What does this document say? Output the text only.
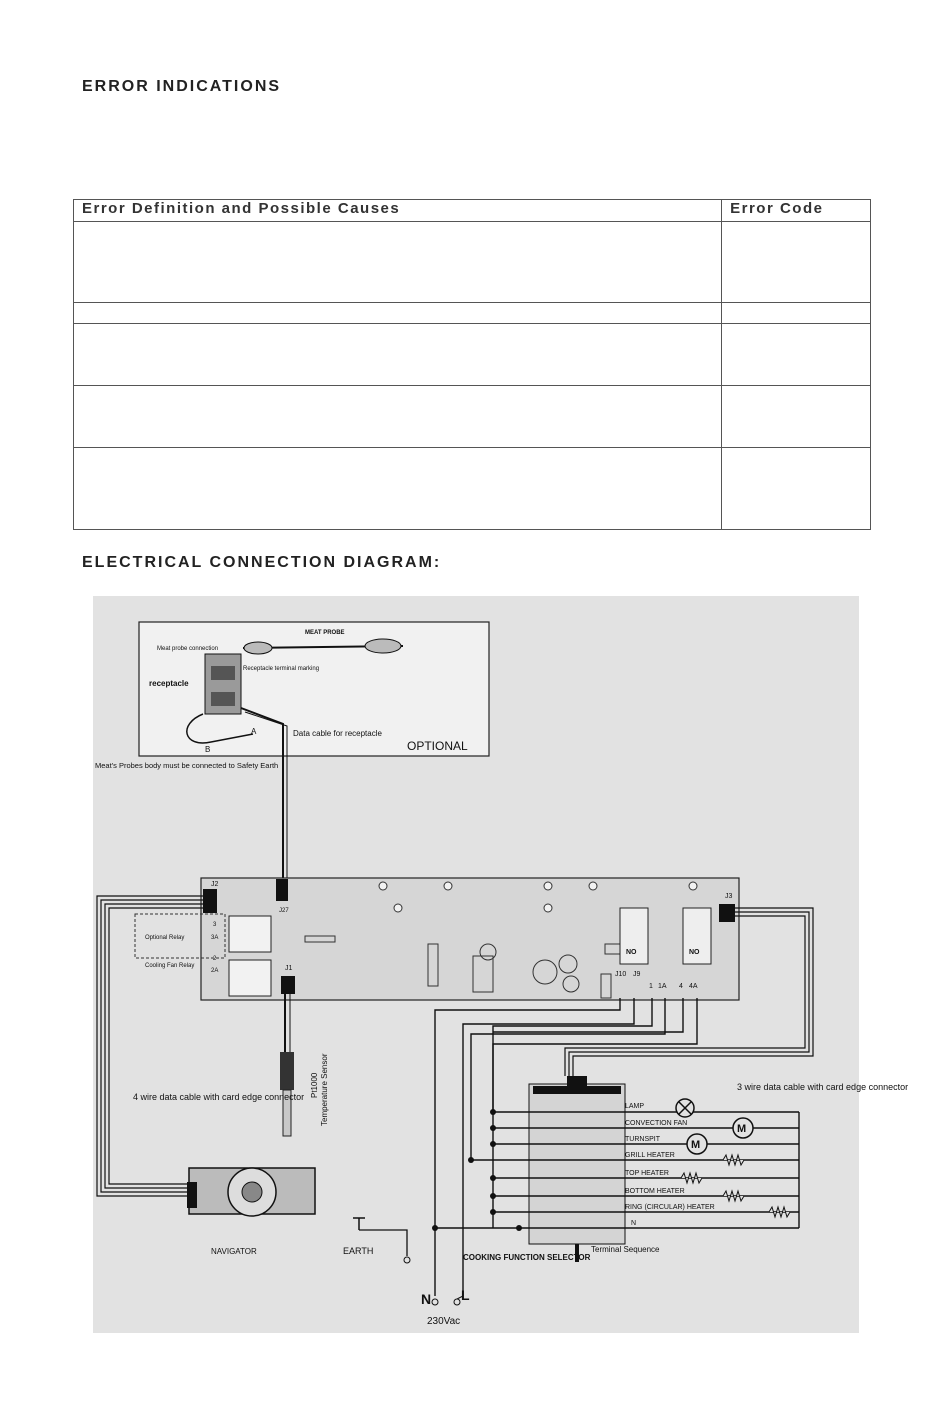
ERROR INDICATIONS
Error Definition and Possible Causes	Error Code

ELECTRICAL CONNECTION DIAGRAM:
MEAT PROBE
Meat probe connection
receptacle
Receptacle terminal marking
A
B
Data cable for receptacle
OPTIONAL
Meat's Probes body must be connected to Safety Earth
J2
J27
Optional Relay
3
3A
Cooling Fan Relay
2
2A	J1
NO	NO
J10 J9
1 1A 4 4A
J3
Pt1000 Temperature Sensor
4 wire data cable with card edge connector
NAVIGATOR
3 wire data cable with card edge connector
COOKING FUNCTION SELECTOR
Terminal Sequence
LAMP
CONVECTION FAN
TURNSPIT
GRILL HEATER
TOP HEATER
BOTTOM HEATER
RING (CIRCULAR) HEATER
N
M
M
EARTH
N L
230Vac
